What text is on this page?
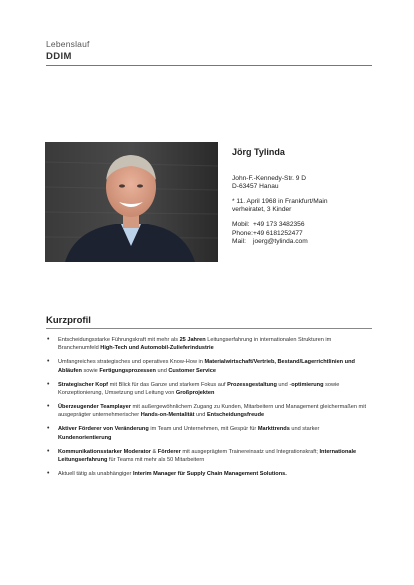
Lebenslauf
DDIM
Jörg Tylinda
John-F.-Kennedy-Str. 9 D
D-63457 Hanau
* 11. April 1968 in Frankfurt/Main
verheiratet, 3 Kinder
Mobil: +49 173 3482356
Phone: +49 6181252477
Mail:	joerg@tylinda.com
Kurzprofil
• Entscheidungsstarke Führungskraft mit mehr als 25 Jahren Leitungserfahrung in internationalen Strukturen im Branchenumfeld High-Tech und Automobil-Zulieferindustrie
• Umfangreiches strategisches und operatives Know-How in Materialwirtschaft/Vertrieb, Bestand/Lagerrichtlinien und Abläufen sowie Fertigungsprozessen und Customer Service
• Strategischer Kopf mit Blick für das Ganze und starkem Fokus auf Prozessgestaltung und -optimierung sowie Konzeptionierung, Umsetzung und Leitung von Großprojekten
• Überzeugender Teamplayer mit außergewöhnlichem Zugang zu Kunden, Mitarbeitern und Management gleichermaßen mit ausgeprägter unternehmerischer Hands-on-Mentalität und Entscheidungsfreude
• Aktiver Förderer von Veränderung im Team und Unternehmen, mit Gespür für Markttrends und starker Kundenorientierung
• Kommunikationsstarker Moderator & Förderer mit ausgeprägtem Trainereinsatz und Integrationskraft; Internationale Leitungserfahrung für Teams mit mehr als 50 Mitarbeitern
• Aktuell tätig als unabhängiger Interim Manager für Supply Chain Management Solutions.
